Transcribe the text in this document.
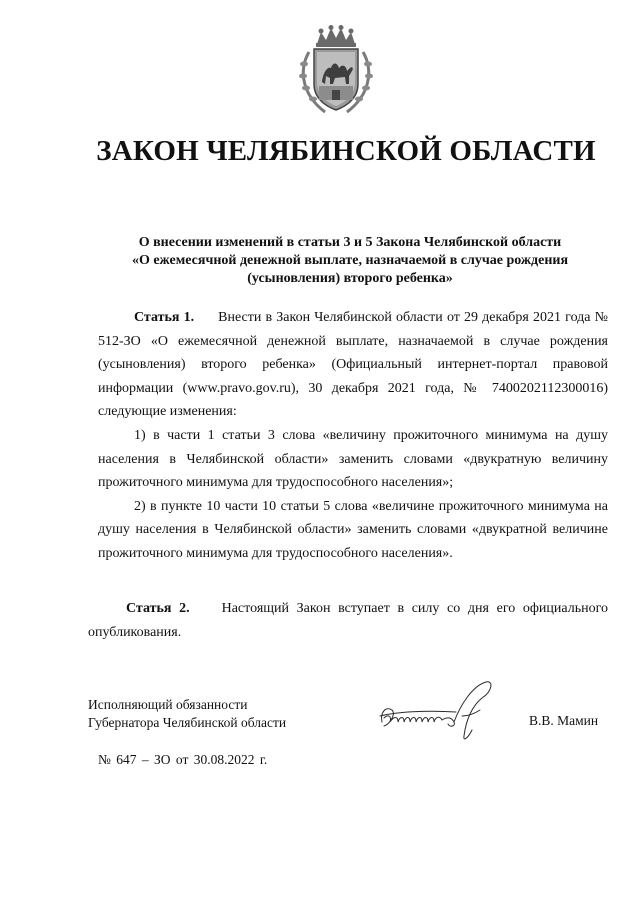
ЗАКОН ЧЕЛЯБИНСКОЙ ОБЛАСТИ
О внесении изменений в статьи 3 и 5 Закона Челябинской области
«О ежемесячной денежной выплате, назначаемой в случае рождения
(усыновления) второго ребенка»

Статья 1. Внести в Закон Челябинской области от 29 декабря 2021 года № 512-ЗО «О ежемесячной денежной выплате, назначаемой в случае рождения (усыновления) второго ребенка» (Официальный интернет-портал правовой информации (www.pravo.gov.ru), 30 декабря 2021 года, № 7400202112300016) следующие изменения:

1) в части 1 статьи 3 слова «величину прожиточного минимума на душу населения в Челябинской области» заменить словами «двукратную величину прожиточного минимума для трудоспособного населения»;

2) в пункте 10 части 10 статьи 5 слова «величине прожиточного минимума на душу населения в Челябинской области» заменить словами «двукратной величине прожиточного минимума для трудоспособного населения».

Статья 2. Настоящий Закон вступает в силу со дня его официального опубликования.

Исполняющий обязанности
Губернатора Челябинской области	В.В. Мамин
№ 647 – ЗО от 30.08.2022 г.
